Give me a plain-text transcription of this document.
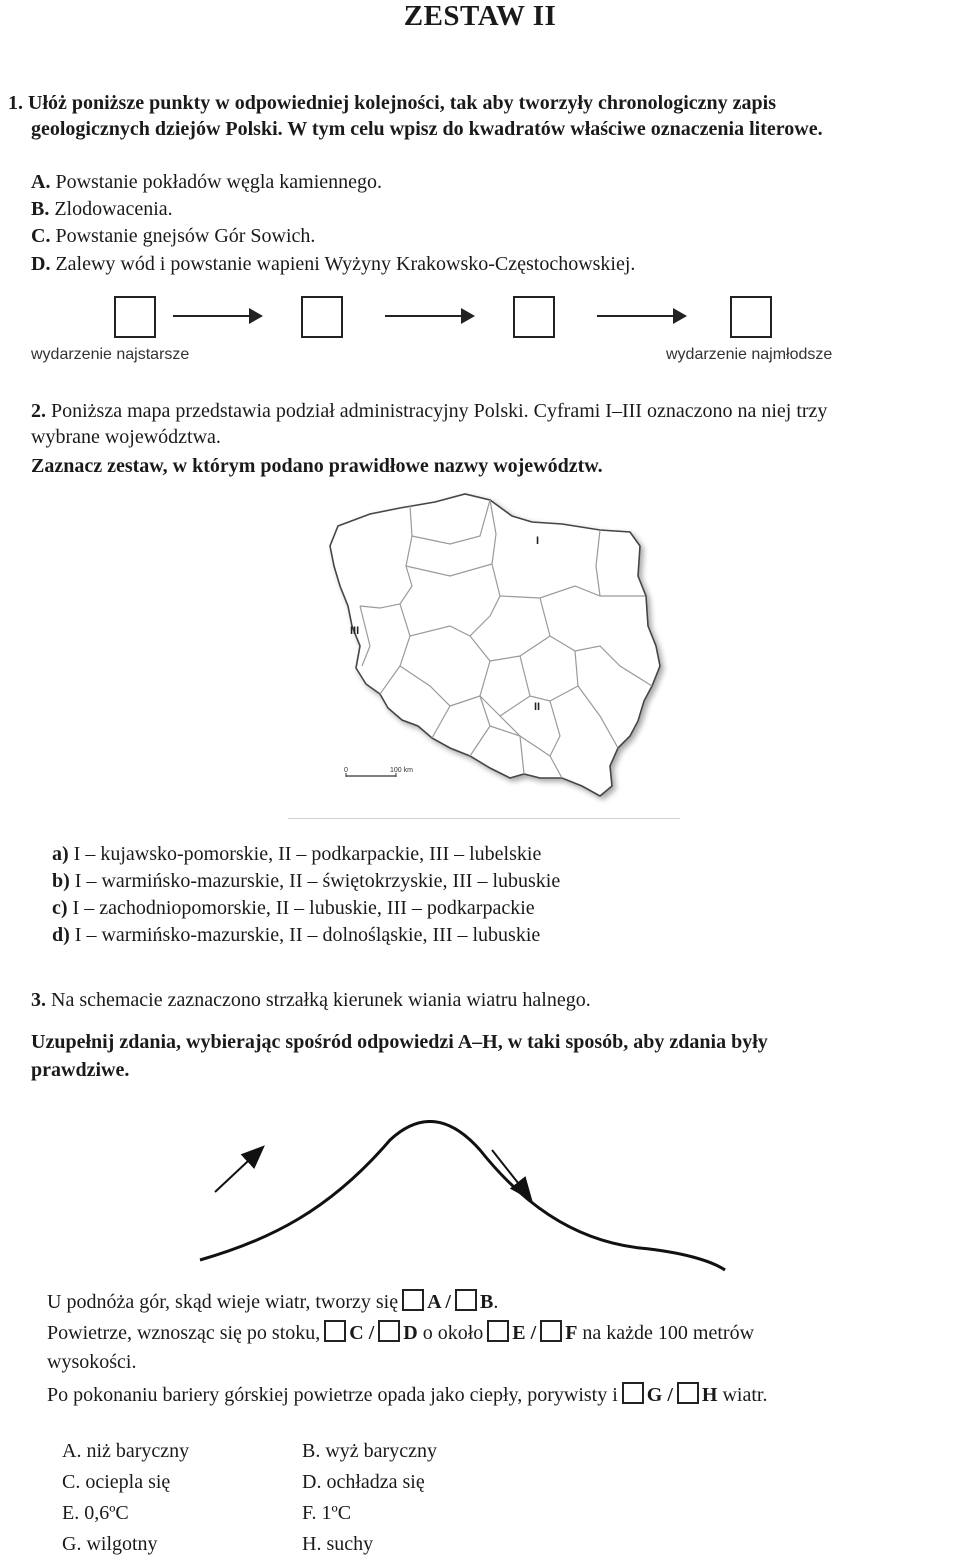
ZESTAW II
1. Ułóż poniższe punkty w odpowiedniej kolejności, tak aby tworzyły chronologiczny zapis
geologicznych dziejów Polski. W tym celu wpisz do kwadratów właściwe oznaczenia literowe.
A. Powstanie pokładów węgla kamiennego.
B. Zlodowacenia.
C. Powstanie gnejsów Gór Sowich.
D. Zalewy wód i powstanie wapieni Wyżyny Krakowsko-Częstochowskiej.
wydarzenie najstarsze	wydarzenie najmłodsze
2. Poniższa mapa przedstawia podział administracyjny Polski. Cyframi I–III oznaczono na niej trzy
wybrane województwa.
Zaznacz zestaw, w którym podano prawidłowe nazwy województw.
I
III
II
0	100 km
a) I – kujawsko-pomorskie, II – podkarpackie, III – lubelskie
b) I – warmińsko-mazurskie, II – świętokrzyskie, III – lubuskie
c) I – zachodniopomorskie, II – lubuskie, III – podkarpackie
d) I – warmińsko-mazurskie, II – dolnośląskie, III – lubuskie
3. Na schemacie zaznaczono strzałką kierunek wiania wiatru halnego.
Uzupełnij zdania, wybierając spośród odpowiedzi A–H, w taki sposób, aby zdania były
prawdziwe.
U podnóża gór, skąd wieje wiatr, tworzy się A / B.
Powietrze, wznosząc się po stoku, C / D o około E / F na każde 100 metrów
wysokości.
Po pokonaniu bariery górskiej powietrze opada jako ciepły, porywisty i G / H wiatr.
A. niż baryczny	B. wyż baryczny
C. ociepla się	D. ochładza się
E. 0,6ºC	F. 1ºC
G. wilgotny	H. suchy
